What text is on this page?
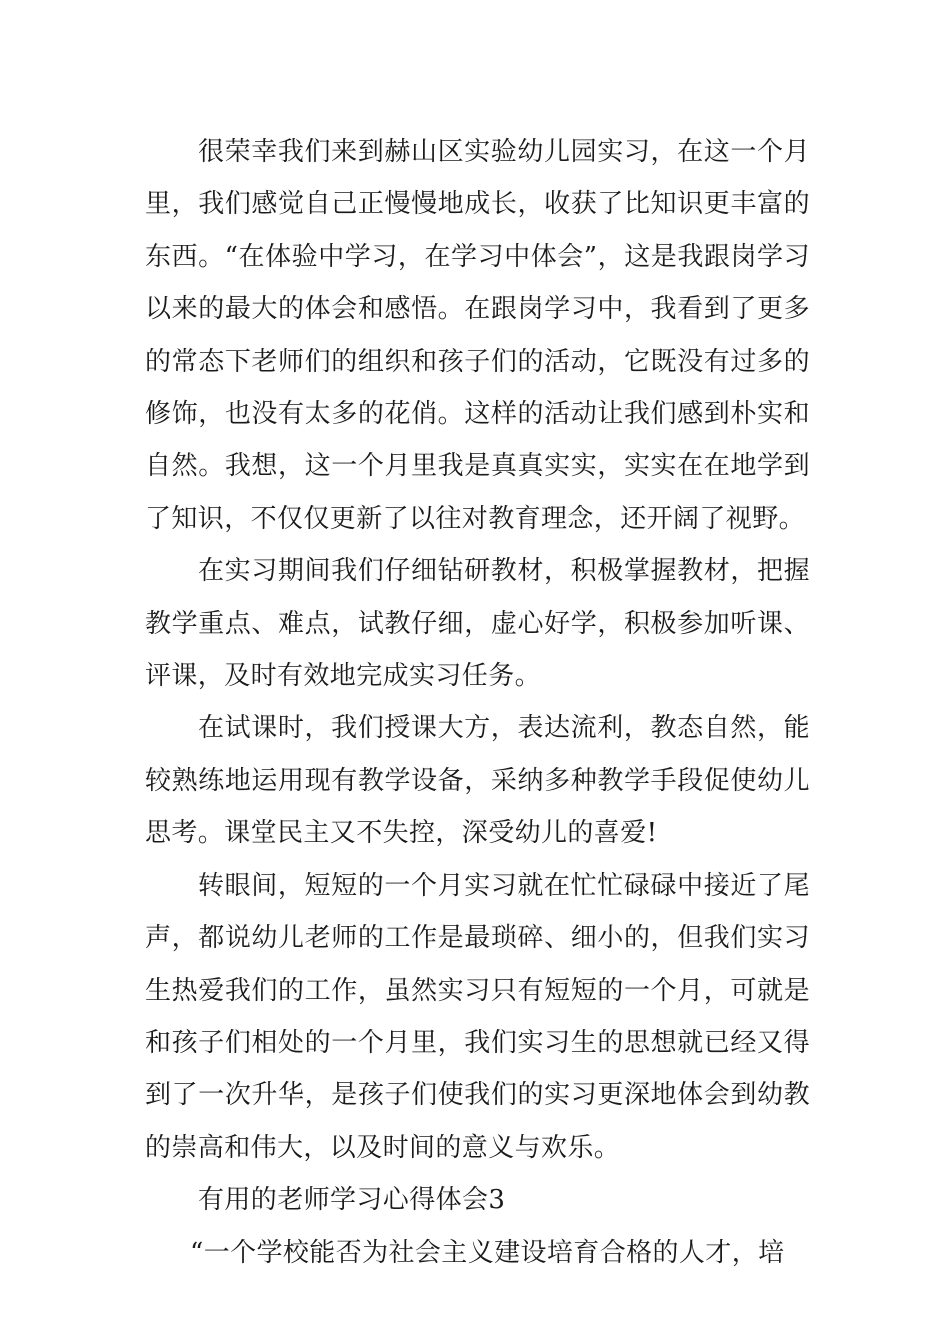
很荣幸我们来到赫山区实验幼儿园实习，在这一个月里，我们感觉自己正慢慢地成长，收获了比知识更丰富的东西。“在体验中学习，在学习中体会”，这是我跟岗学习以来的最大的体会和感悟。在跟岗学习中，我看到了更多的常态下老师们的组织和孩子们的活动，它既没有过多的修饰，也没有太多的花俏。这样的活动让我们感到朴实和自然。我想，这一个月里我是真真实实，实实在在地学到了知识，不仅仅更新了以往对教育理念，还开阔了视野。

在实习期间我们仔细钻研教材，积极掌握教材，把握教学重点、难点，试教仔细，虚心好学，积极参加听课、评课，及时有效地完成实习任务。

在试课时，我们授课大方，表达流利，教态自然，能较熟练地运用现有教学设备，采纳多种教学手段促使幼儿思考。课堂民主又不失控，深受幼儿的喜爱!

转眼间，短短的一个月实习就在忙忙碌碌中接近了尾声，都说幼儿老师的工作是最琐碎、细小的，但我们实习生热爱我们的工作，虽然实习只有短短的一个月，可就是和孩子们相处的一个月里，我们实习生的思想就已经又得到了一次升华，是孩子们使我们的实习更深地体会到幼教的崇高和伟大，以及时间的意义与欢乐。

有用的老师学习心得体会3

“一个学校能否为社会主义建设培育合格的人才，培
